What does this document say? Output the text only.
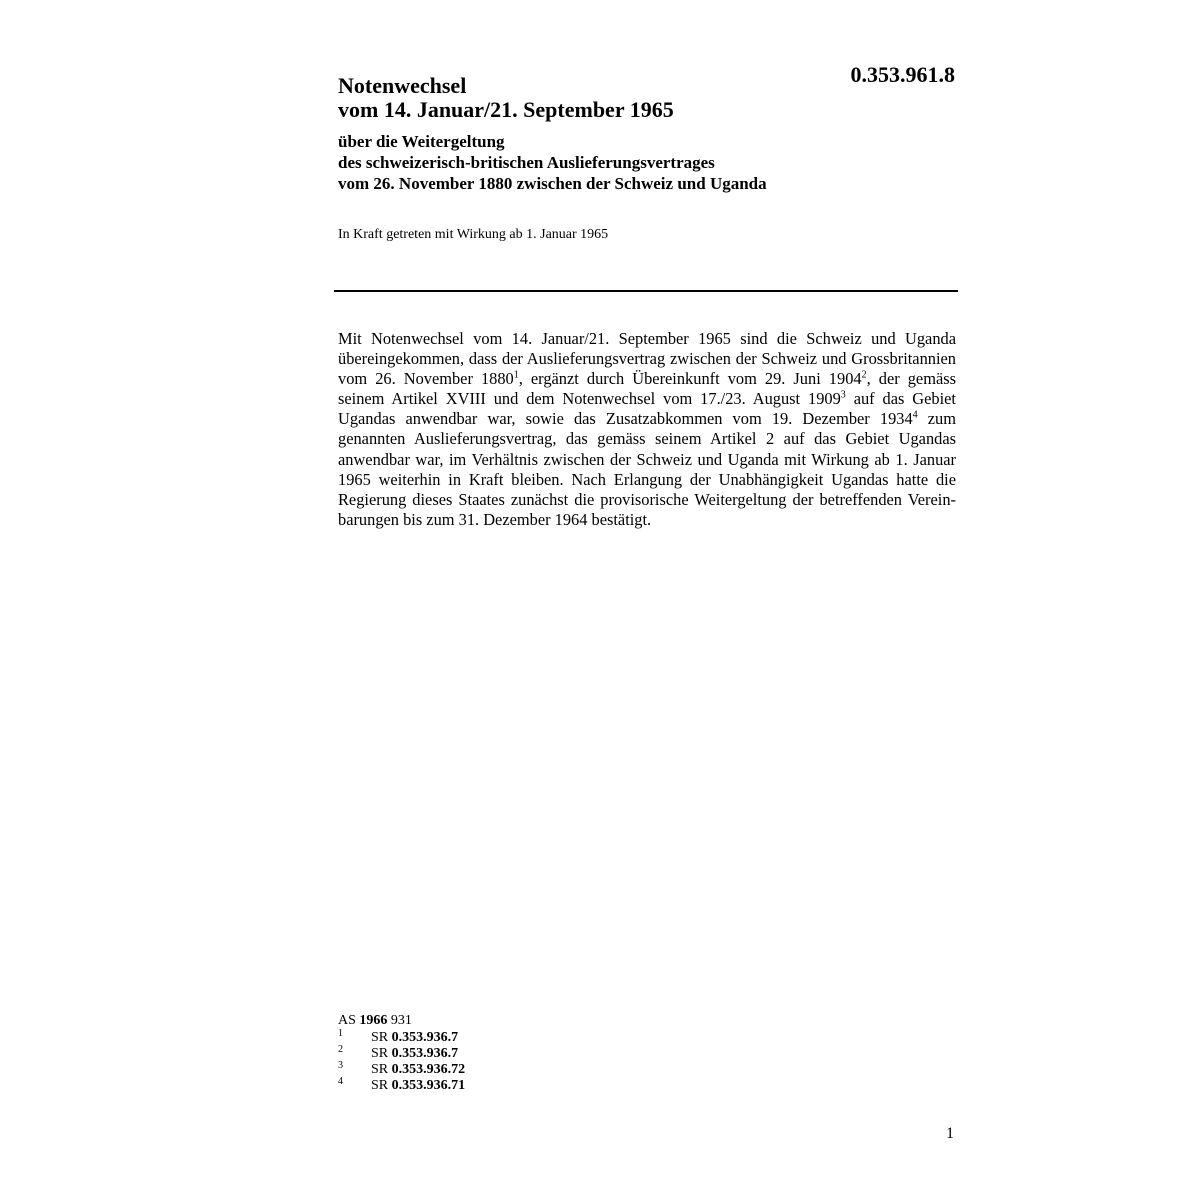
0.353.961.8
Notenwechsel
vom 14. Januar/21. September 1965
über die Weitergeltung
des schweizerisch-britischen Auslieferungsvertrages
vom 26. November 1880 zwischen der Schweiz und Uganda
In Kraft getreten mit Wirkung ab 1. Januar 1965
Mit Notenwechsel vom 14. Januar/21. September 1965 sind die Schweiz und Uganda übereingekommen, dass der Auslieferungsvertrag zwischen der Schweiz und Grossbritannien vom 26. November 1880$^1$, ergänzt durch Übereinkunft vom 29. Juni 1904$^2$, der gemäss seinem Artikel XVIII und dem Notenwechsel vom 17./23. August 1909$^3$ auf das Gebiet Ugandas anwendbar war, sowie das Zusatzabkommen vom 19. Dezember 1934$^4$ zum genannten Auslieferungsvertrag, das gemäss seinem Artikel 2 auf das Gebiet Ugandas anwendbar war, im Verhältnis zwischen der Schweiz und Uganda mit Wirkung ab 1. Januar 1965 weiterhin in Kraft bleiben. Nach Erlangung der Unabhängigkeit Ugandas hatte die Regierung dieses Staates zunächst die provisorische Weitergeltung der betreffenden Vereinbarungen bis zum 31. Dezember 1964 bestätigt.
AS 1966 931
1 SR 0.353.936.7
2 SR 0.353.936.7
3 SR 0.353.936.72
4 SR 0.353.936.71
1
